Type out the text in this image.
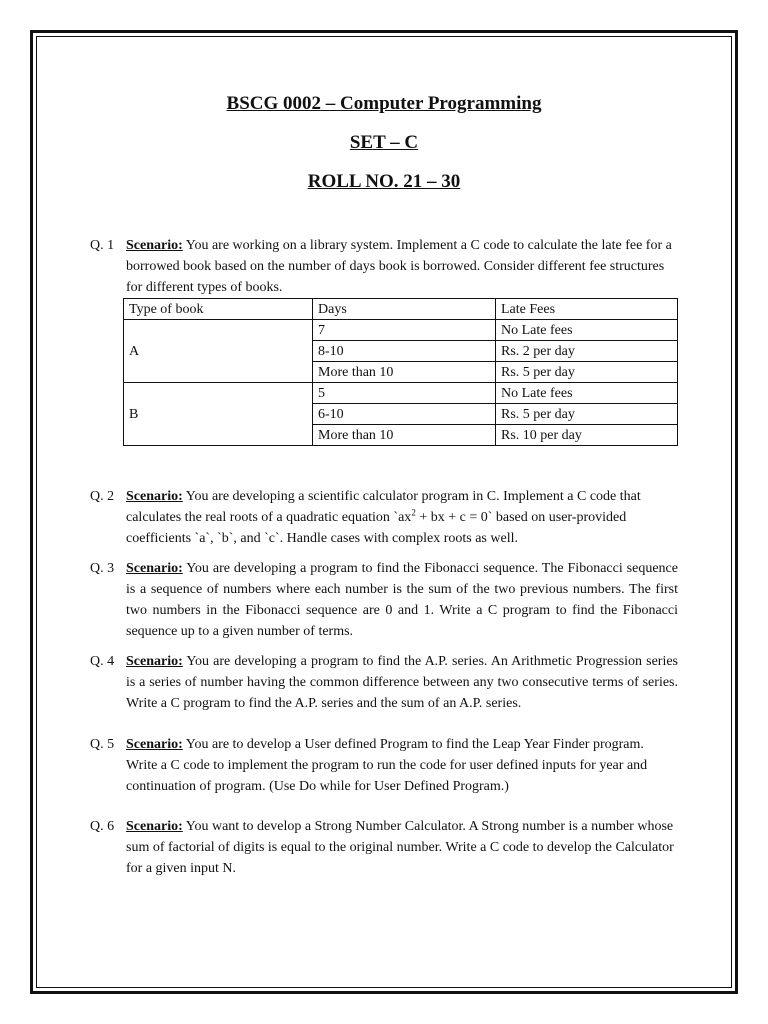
BSCG 0002 – Computer Programming
SET – C
ROLL NO. 21 – 30
Q. 1 Scenario: You are working on a library system. Implement a C code to calculate the late fee for a borrowed book based on the number of days book is borrowed. Consider different fee structures for different types of books.
Type of book	Days	Late Fees
A	7	No Late fees
	8-10	Rs. 2 per day
	More than 10	Rs. 5 per day
B	5	No Late fees
	6-10	Rs. 5 per day
	More than 10	Rs. 10 per day
Q. 2 Scenario: You are developing a scientific calculator program in C. Implement a C code that calculates the real roots of a quadratic equation $`ax^2$ + bx + c = 0` based on user-provided coefficients `a`, `b`, and `c`. Handle cases with complex roots as well.
Q. 3 Scenario: You are developing a program to find the Fibonacci sequence. The Fibonacci sequence is a sequence of numbers where each number is the sum of the two previous numbers. The first two numbers in the Fibonacci sequence are 0 and 1. Write a C program to find the Fibonacci sequence up to a given number of terms.
Q. 4 Scenario: You are developing a program to find the A.P. series. An Arithmetic Progression series is a series of number having the common difference between any two consecutive terms of series. Write a C program to find the A.P. series and the sum of an A.P. series.
Q. 5 Scenario: You are to develop a User defined Program to find the Leap Year Finder program. Write a C code to implement the program to run the code for user defined inputs for year and continuation of program. (Use Do while for User Defined Program.)
Q. 6 Scenario: You want to develop a Strong Number Calculator. A Strong number is a number whose sum of factorial of digits is equal to the original number. Write a C code to develop the Calculator for a given input N.
